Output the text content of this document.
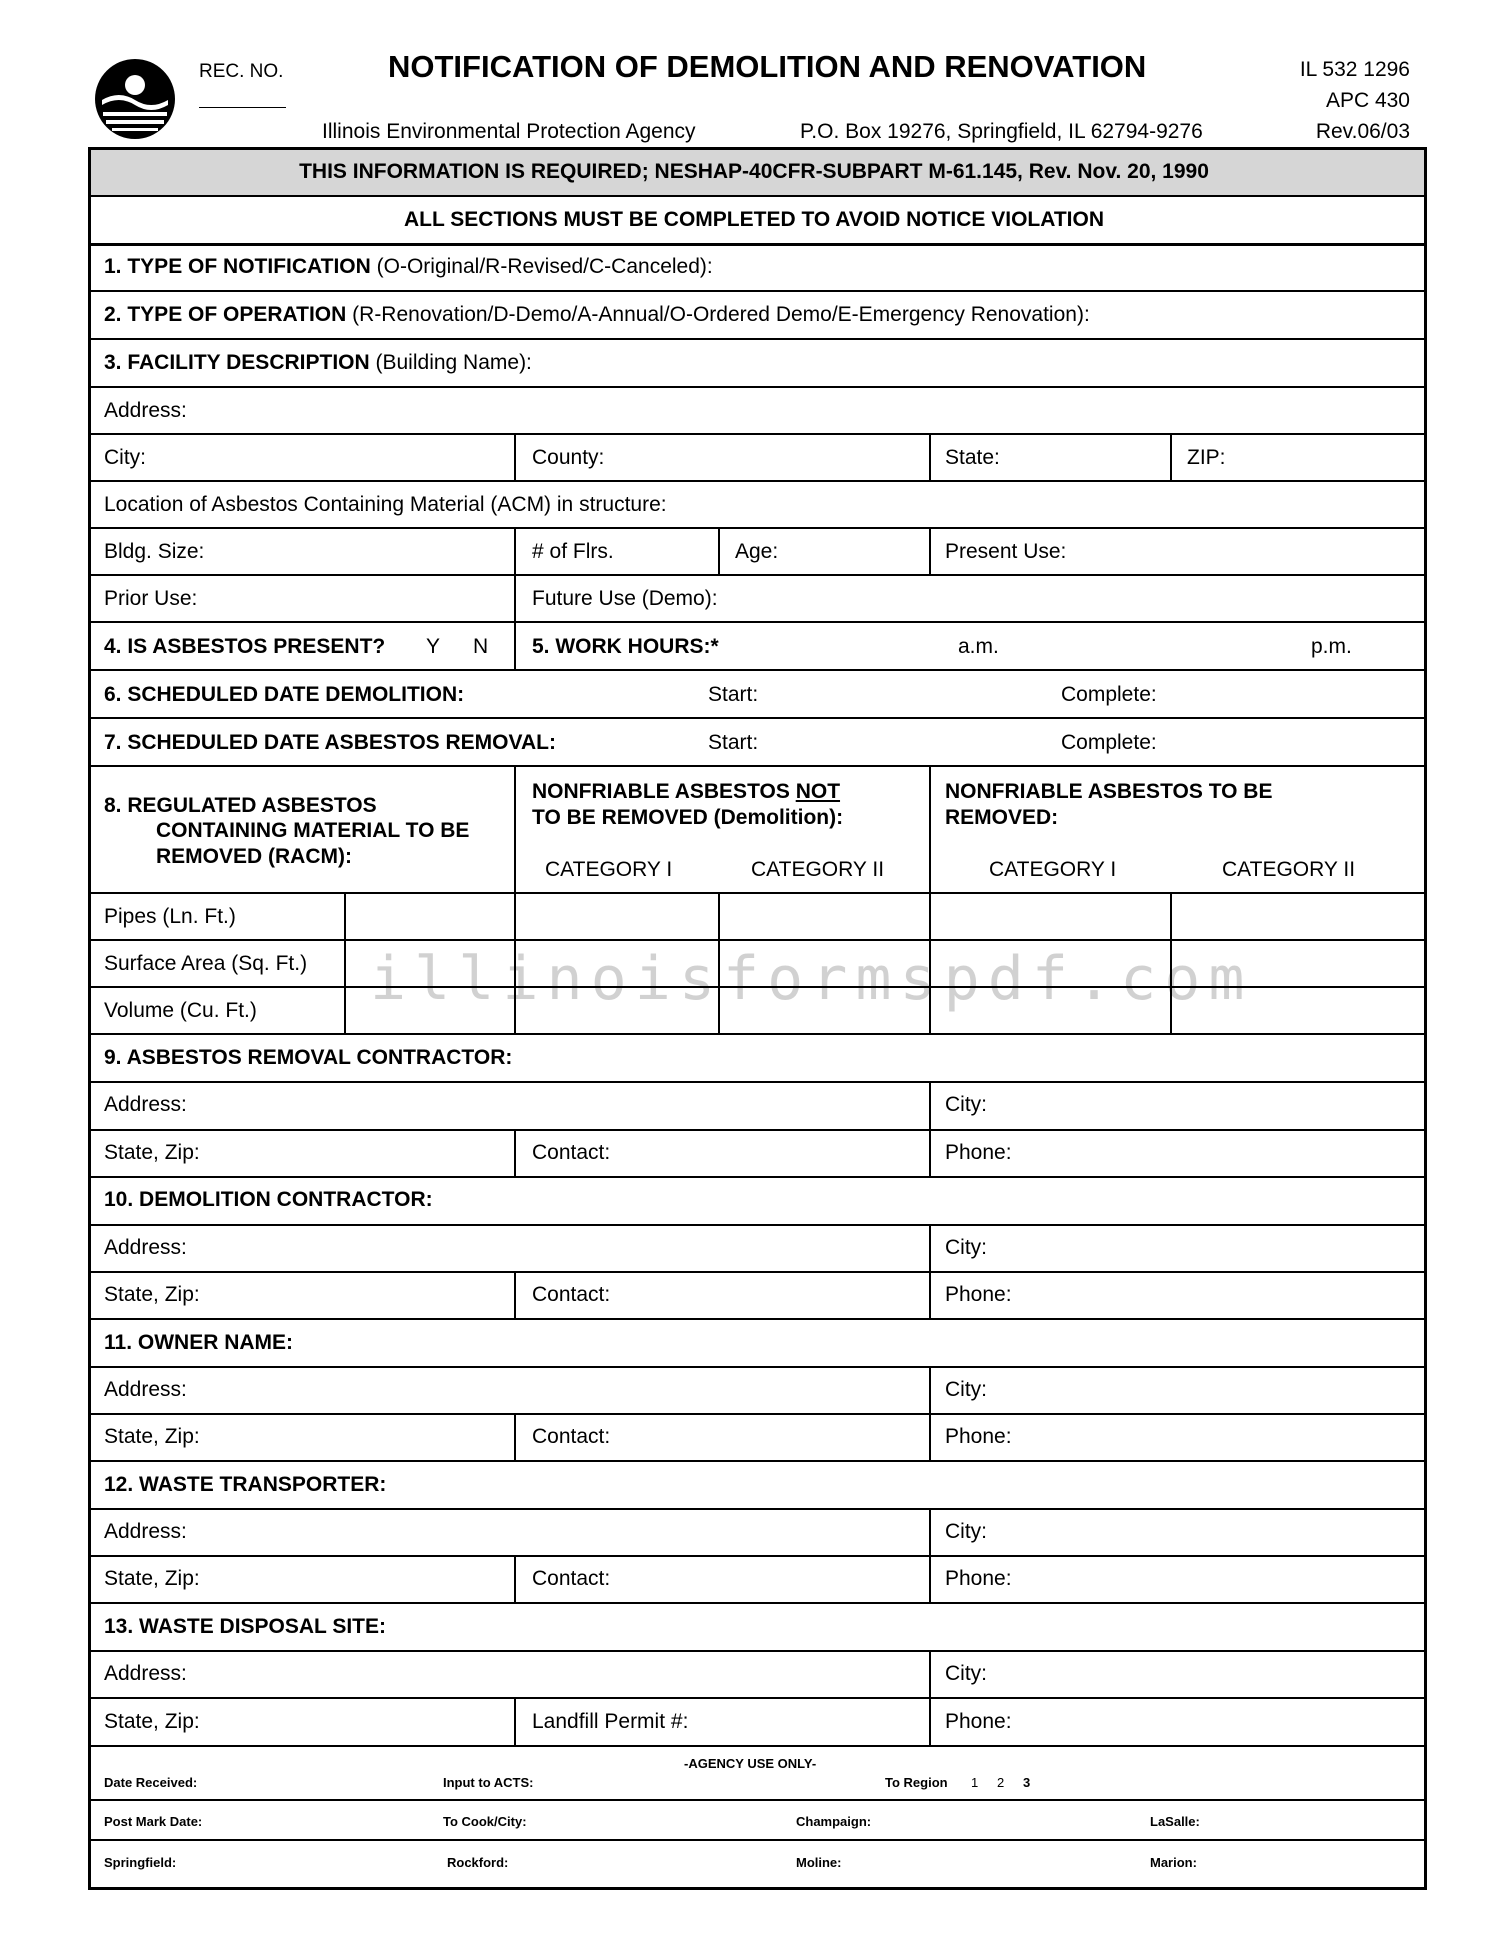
REC. NO.	NOTIFICATION OF DEMOLITION AND RENOVATION
Illinois Environmental Protection Agency	P.O. Box 19276, Springfield, IL 62794-9276
IL 532 1296
APC 430
Rev.06/03
THIS INFORMATION IS REQUIRED; NESHAP-40CFR-SUBPART M-61.145, Rev. Nov. 20, 1990
ALL SECTIONS MUST BE COMPLETED TO AVOID NOTICE VIOLATION
1. TYPE OF NOTIFICATION (O-Original/R-Revised/C-Canceled):
2. TYPE OF OPERATION (R-Renovation/D-Demo/A-Annual/O-Ordered Demo/E-Emergency Renovation):
3. FACILITY DESCRIPTION (Building Name):
Address:
City:	County:	State:	ZIP:
Location of Asbestos Containing Material (ACM) in structure:
Bldg. Size:	# of Flrs.	Age:	Present Use:
Prior Use:	Future Use (Demo):
4. IS ASBESTOS PRESENT? Y N 5. WORK HOURS:*	a.m.	p.m.
6. SCHEDULED DATE DEMOLITION:	Start:	Complete:
7. SCHEDULED DATE ASBESTOS REMOVAL:	Start:	Complete:
8. REGULATED ASBESTOS
CONTAINING MATERIAL TO BE
REMOVED (RACM):
NONFRIABLE ASBESTOS NOT
TO BE REMOVED (Demolition):
NONFRIABLE ASBESTOS TO BE
REMOVED:
CATEGORY I	CATEGORY II	CATEGORY I	CATEGORY II
Pipes (Ln. Ft.)
Surface Area (Sq. Ft.)
Volume (Cu. Ft.) illinoisformspdf.com
9. ASBESTOS REMOVAL CONTRACTOR:
Address:	City:
State, Zip:	Contact:	Phone:
10. DEMOLITION CONTRACTOR:
Address:	City:
State, Zip:	Contact:	Phone:
11. OWNER NAME:
Address:	City:
State, Zip:	Contact:	Phone:
12. WASTE TRANSPORTER:
Address:	City:
State, Zip:	Contact:	Phone:
13. WASTE DISPOSAL SITE:
Address:	City:
State, Zip:	Landfill Permit #:	Phone:
-AGENCY USE ONLY-
Date Received:	Input to ACTS:	To Region 1 2 3
Post Mark Date:	To Cook/City:	Champaign:	LaSalle:
Springfield:	Rockford:	Moline:	Marion:
